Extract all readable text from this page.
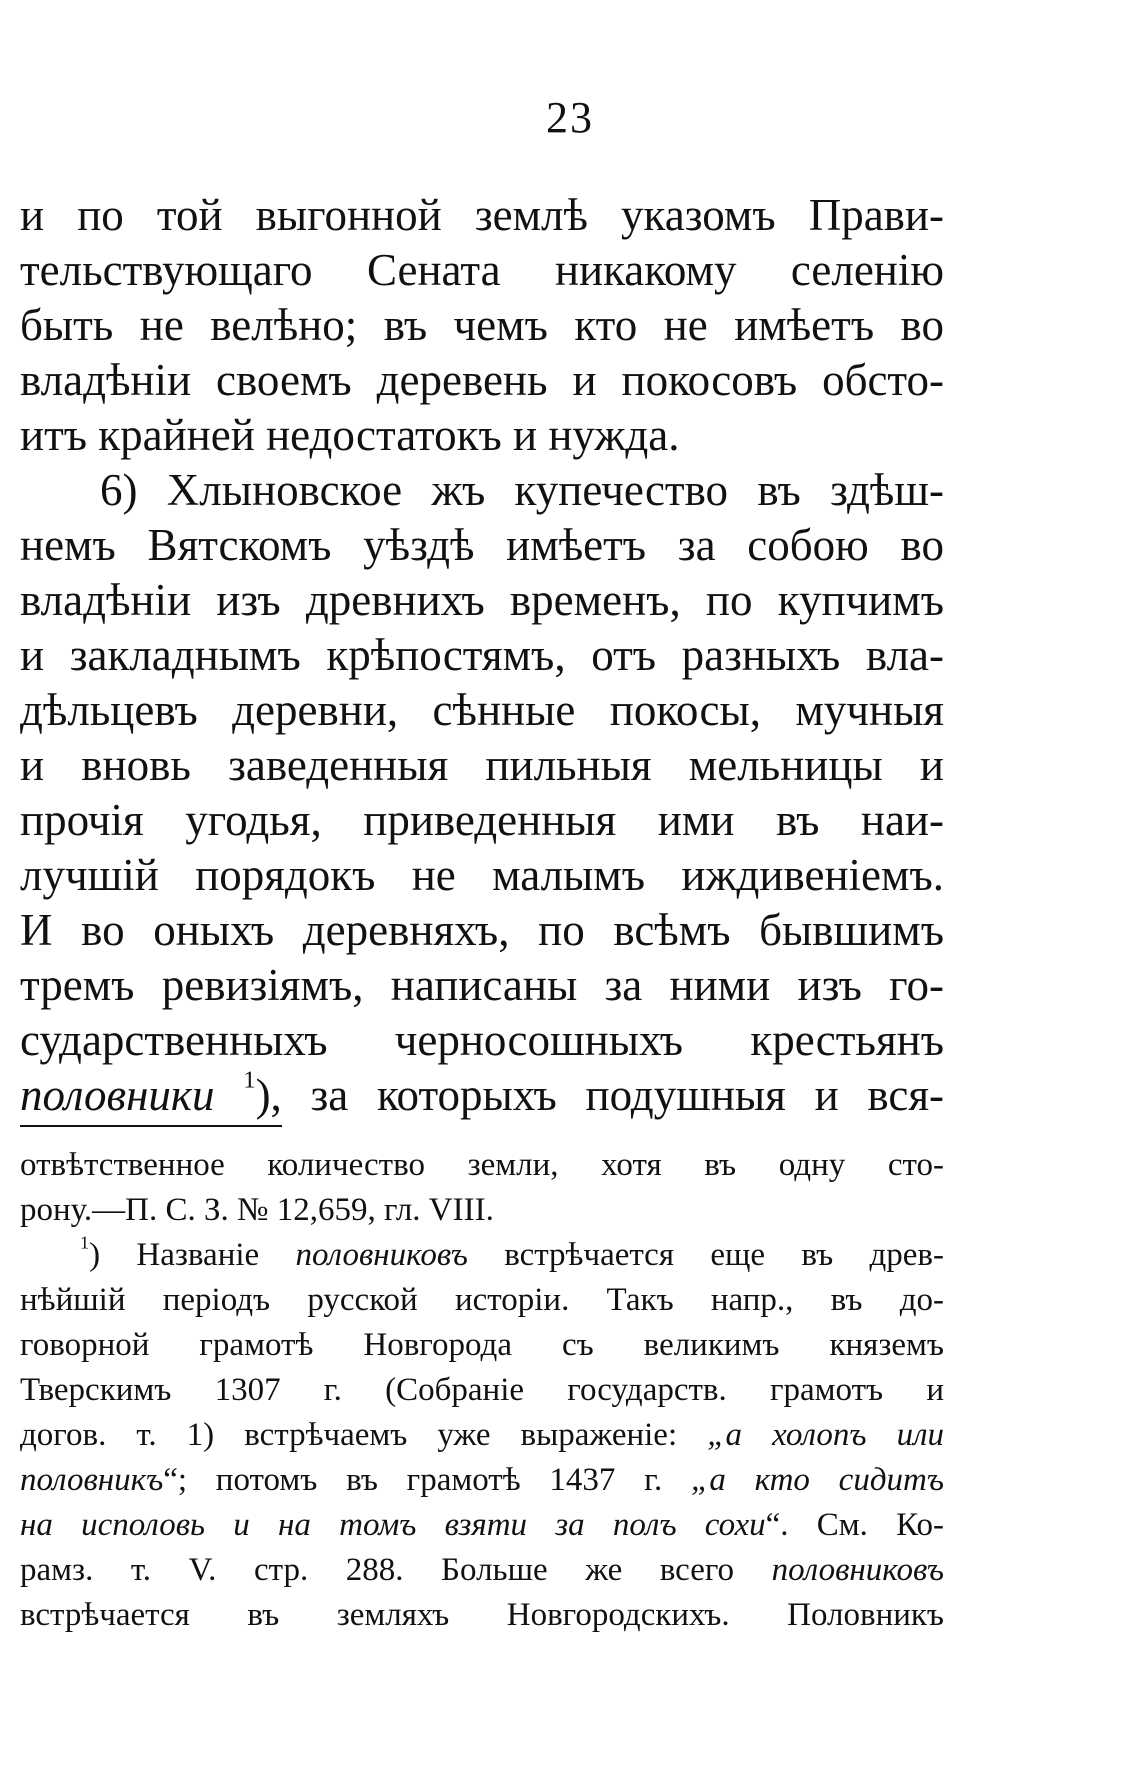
23

и по той выгонной землѣ указомъ Прави-

тельствующаго Сената никакому селенію

быть не велѣно; въ чемъ кто не имѣетъ во

владѣніи своемъ деревень и покосовъ обсто-

итъ крайней недостатокъ и нужда.

6) Хлыновское жъ купечество въ здѣш-

немъ Вятскомъ уѣздѣ имѣетъ за собою во

владѣніи изъ древнихъ временъ, по купчимъ

и закладнымъ крѣпостямъ, отъ разныхъ вла-

дѣльцевъ деревни, сѣнные покосы, мучныя

и вновь заведенныя пильныя мельницы и

прочія угодья, приведенныя ими въ наи-

лучшій порядокъ не малымъ иждивеніемъ.

И во оныхъ деревняхъ, по всѣмъ бывшимъ

тремъ ревизіямъ, написаны за ними изъ го-

сударственныхъ черносошныхъ крестьянъ

половники $^1$), за которыхъ подушныя и вся-

отвѣтственное количество земли, хотя въ одну сто-

рону.—П. С. З. № 12,659, гл. VIII.

$^1$) Названіе половниковъ встрѣчается еще въ древ-

нѣйшій періодъ русской исторіи. Такъ напр., въ до-

говорной грамотѣ Новгорода съ великимъ княземъ

Тверскимъ 1307 г. (Собраніе государств. грамотъ и

догов. т. 1) встрѣчаемъ уже выраженіе: „а холопъ или

половникъ“; потомъ въ грамотѣ 1437 г. „а кто сидитъ

на исполовь и на томъ взяти за полъ сохи“. См. Ко-

рамз. т. V. стр. 288. Больше же всего половниковъ

встрѣчается въ земляхъ Новгородскихъ. Половникъ
